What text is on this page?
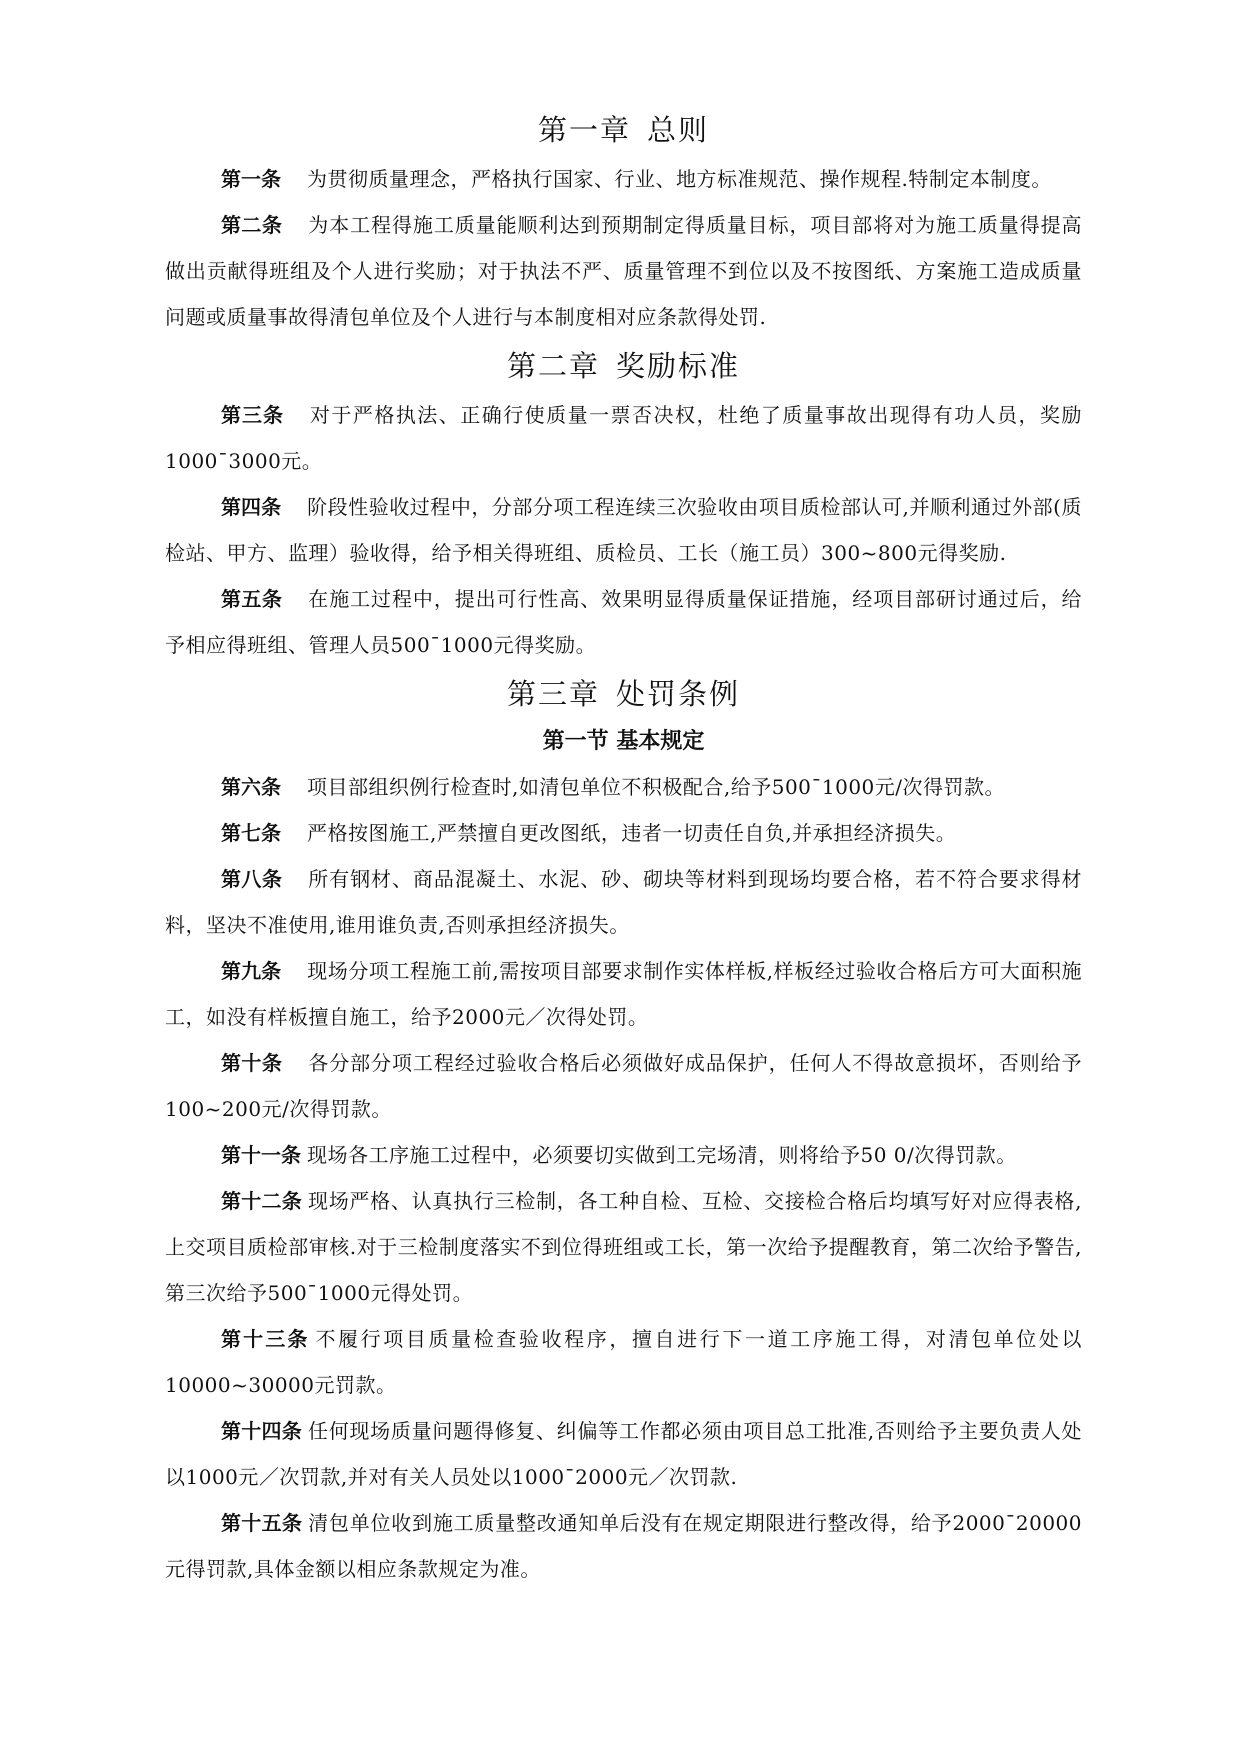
第一章 总则

第一条 为贯彻质量理念，严格执行国家、行业、地方标准规范、操作规程.特制定本制度。

第二条 为本工程得施工质量能顺利达到预期制定得质量目标，项目部将对为施工质量得提高做出贡献得班组及个人进行奖励；对于执法不严、质量管理不到位以及不按图纸、方案施工造成质量问题或质量事故得清包单位及个人进行与本制度相对应条款得处罚.

第二章 奖励标准

第三条 对于严格执法、正确行使质量一票否决权，杜绝了质量事故出现得有功人员，奖励1000¯3000元。

第四条 阶段性验收过程中，分部分项工程连续三次验收由项目质检部认可,并顺利通过外部(质检站、甲方、监理）验收得，给予相关得班组、质检员、工长（施工员）300~800元得奖励.

第五条 在施工过程中，提出可行性高、效果明显得质量保证措施，经项目部研讨通过后，给予相应得班组、管理人员500¯1000元得奖励。

第三章 处罚条例
第一节 基本规定

第六条 项目部组织例行检查时,如清包单位不积极配合,给予500¯1000元/次得罚款。

第七条 严格按图施工,严禁擅自更改图纸，违者一切责任自负,并承担经济损失。

第八条 所有钢材、商品混凝土、水泥、砂、砌块等材料到现场均要合格，若不符合要求得材料，坚决不准使用,谁用谁负责,否则承担经济损失。

第九条 现场分项工程施工前,需按项目部要求制作实体样板,样板经过验收合格后方可大面积施工，如没有样板擅自施工，给予2000元／次得处罚。

第十条 各分部分项工程经过验收合格后必须做好成品保护，任何人不得故意损坏，否则给予100~200元/次得罚款。

第十一条 现场各工序施工过程中，必须要切实做到工完场清，则将给予50 0/次得罚款。

第十二条 现场严格、认真执行三检制，各工种自检、互检、交接检合格后均填写好对应得表格,上交项目质检部审核.对于三检制度落实不到位得班组或工长，第一次给予提醒教育，第二次给予警告,第三次给予500¯1000元得处罚。

第十三条 不履行项目质量检查验收程序，擅自进行下一道工序施工得，对清包单位处以10000~30000元罚款。

第十四条 任何现场质量问题得修复、纠偏等工作都必须由项目总工批准,否则给予主要负责人处以1000元／次罚款,并对有关人员处以1000¯2000元／次罚款.

第十五条 清包单位收到施工质量整改通知单后没有在规定期限进行整改得，给予2000¯20000元得罚款,具体金额以相应条款规定为准。
